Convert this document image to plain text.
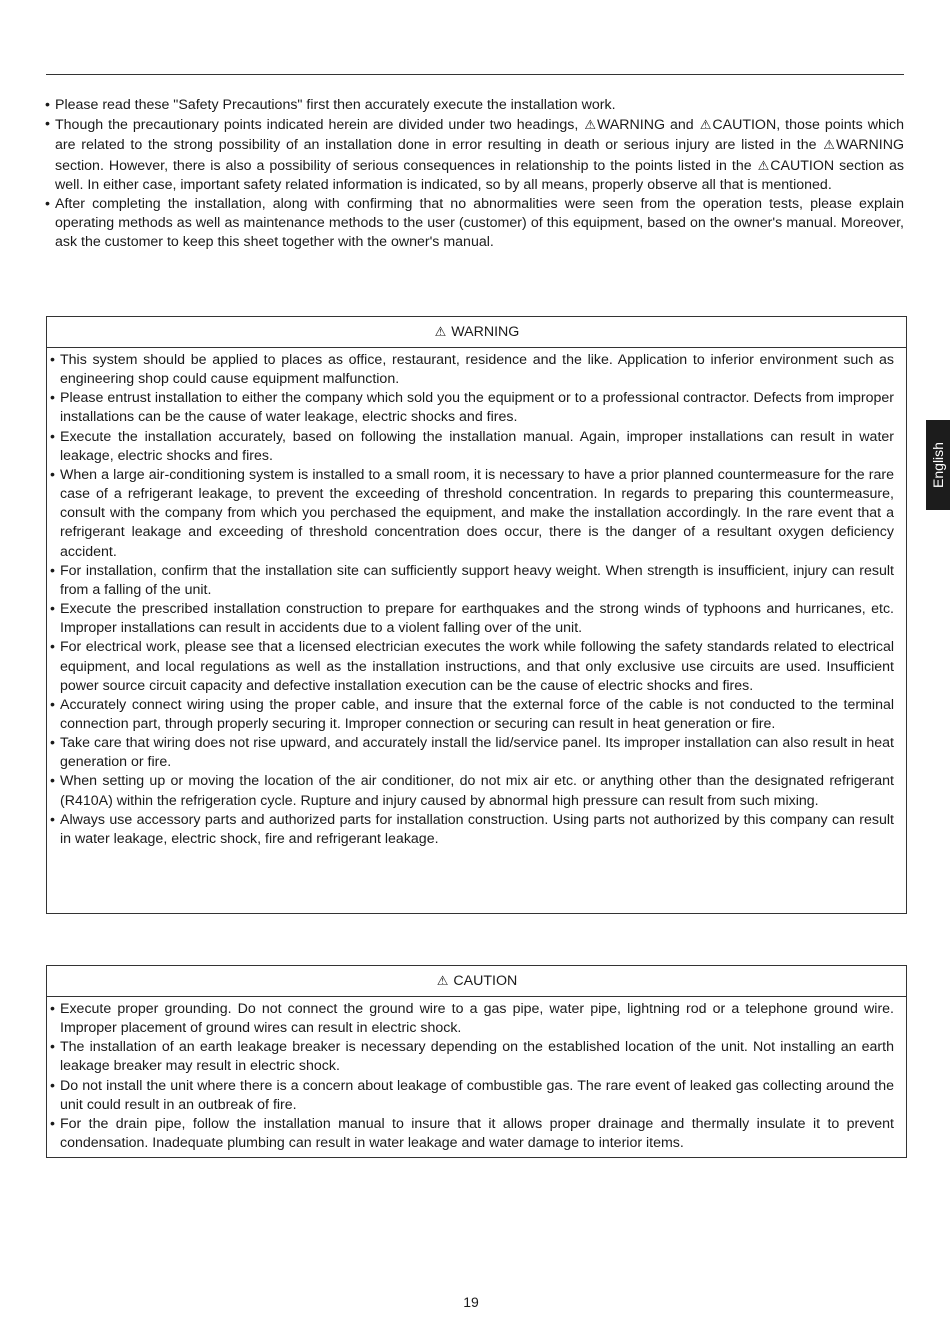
• Please read these "Safety Precautions" first then accurately execute the installation work.
• Though the precautionary points indicated herein are divided under two headings, ⚠WARNING and ⚠CAUTION, those points which are related to the strong possibility of an installation done in error resulting in death or serious injury are listed in the ⚠WARNING section. However, there is also a possibility of serious consequences in relationship to the points listed in the ⚠CAUTION section as well. In either case, important safety related information is indicated, so by all means, properly observe all that is mentioned.
• After completing the installation, along with confirming that no abnormalities were seen from the operation tests, please explain operating methods as well as maintenance methods to the user (customer) of this equipment, based on the owner's manual. Moreover, ask the customer to keep this sheet together with the owner's manual.
⚠ WARNING
• This system should be applied to places as office, restaurant, residence and the like. Application to inferior environment such as engineering shop could cause equipment malfunction.
• Please entrust installation to either the company which sold you the equipment or to a professional contractor. Defects from improper installations can be the cause of water leakage, electric shocks and fires.
• Execute the installation accurately, based on following the installation manual. Again, improper installations can result in water leakage, electric shocks and fires.
• When a large air-conditioning system is installed to a small room, it is necessary to have a prior planned countermeasure for the rare case of a refrigerant leakage, to prevent the exceeding of threshold concentration. In regards to preparing this countermeasure, consult with the company from which you perchased the equipment, and make the installation accordingly. In the rare event that a refrigerant leakage and exceeding of threshold concentration does occur, there is the danger of a resultant oxygen deficiency accident.
• For installation, confirm that the installation site can sufficiently support heavy weight. When strength is insufficient, injury can result from a falling of the unit.
• Execute the prescribed installation construction to prepare for earthquakes and the strong winds of typhoons and hurricanes, etc. Improper installations can result in accidents due to a violent falling over of the unit.
• For electrical work, please see that a licensed electrician executes the work while following the safety standards related to electrical equipment, and local regulations as well as the installation instructions, and that only exclusive use circuits are used. Insufficient power source circuit capacity and defective installation execution can be the cause of electric shocks and fires.
• Accurately connect wiring using the proper cable, and insure that the external force of the cable is not conducted to the terminal connection part, through properly securing it. Improper connection or securing can result in heat generation or fire.
• Take care that wiring does not rise upward, and accurately install the lid/service panel. Its improper installation can also result in heat generation or fire.
• When setting up or moving the location of the air conditioner, do not mix air etc. or anything other than the designated refrigerant (R410A) within the refrigeration cycle. Rupture and injury caused by abnormal high pressure can result from such mixing.
• Always use accessory parts and authorized parts for installation construction. Using parts not authorized by this company can result in water leakage, electric shock, fire and refrigerant leakage.
⚠ CAUTION
• Execute proper grounding. Do not connect the ground wire to a gas pipe, water pipe, lightning rod or a telephone ground wire. Improper placement of ground wires can result in electric shock.
• The installation of an earth leakage breaker is necessary depending on the established location of the unit. Not installing an earth leakage breaker may result in electric shock.
• Do not install the unit where there is a concern about leakage of combustible gas. The rare event of leaked gas collecting around the unit could result in an outbreak of fire.
• For the drain pipe, follow the installation manual to insure that it allows proper drainage and thermally insulate it to prevent condensation. Inadequate plumbing can result in water leakage and water damage to interior items.
English
19
